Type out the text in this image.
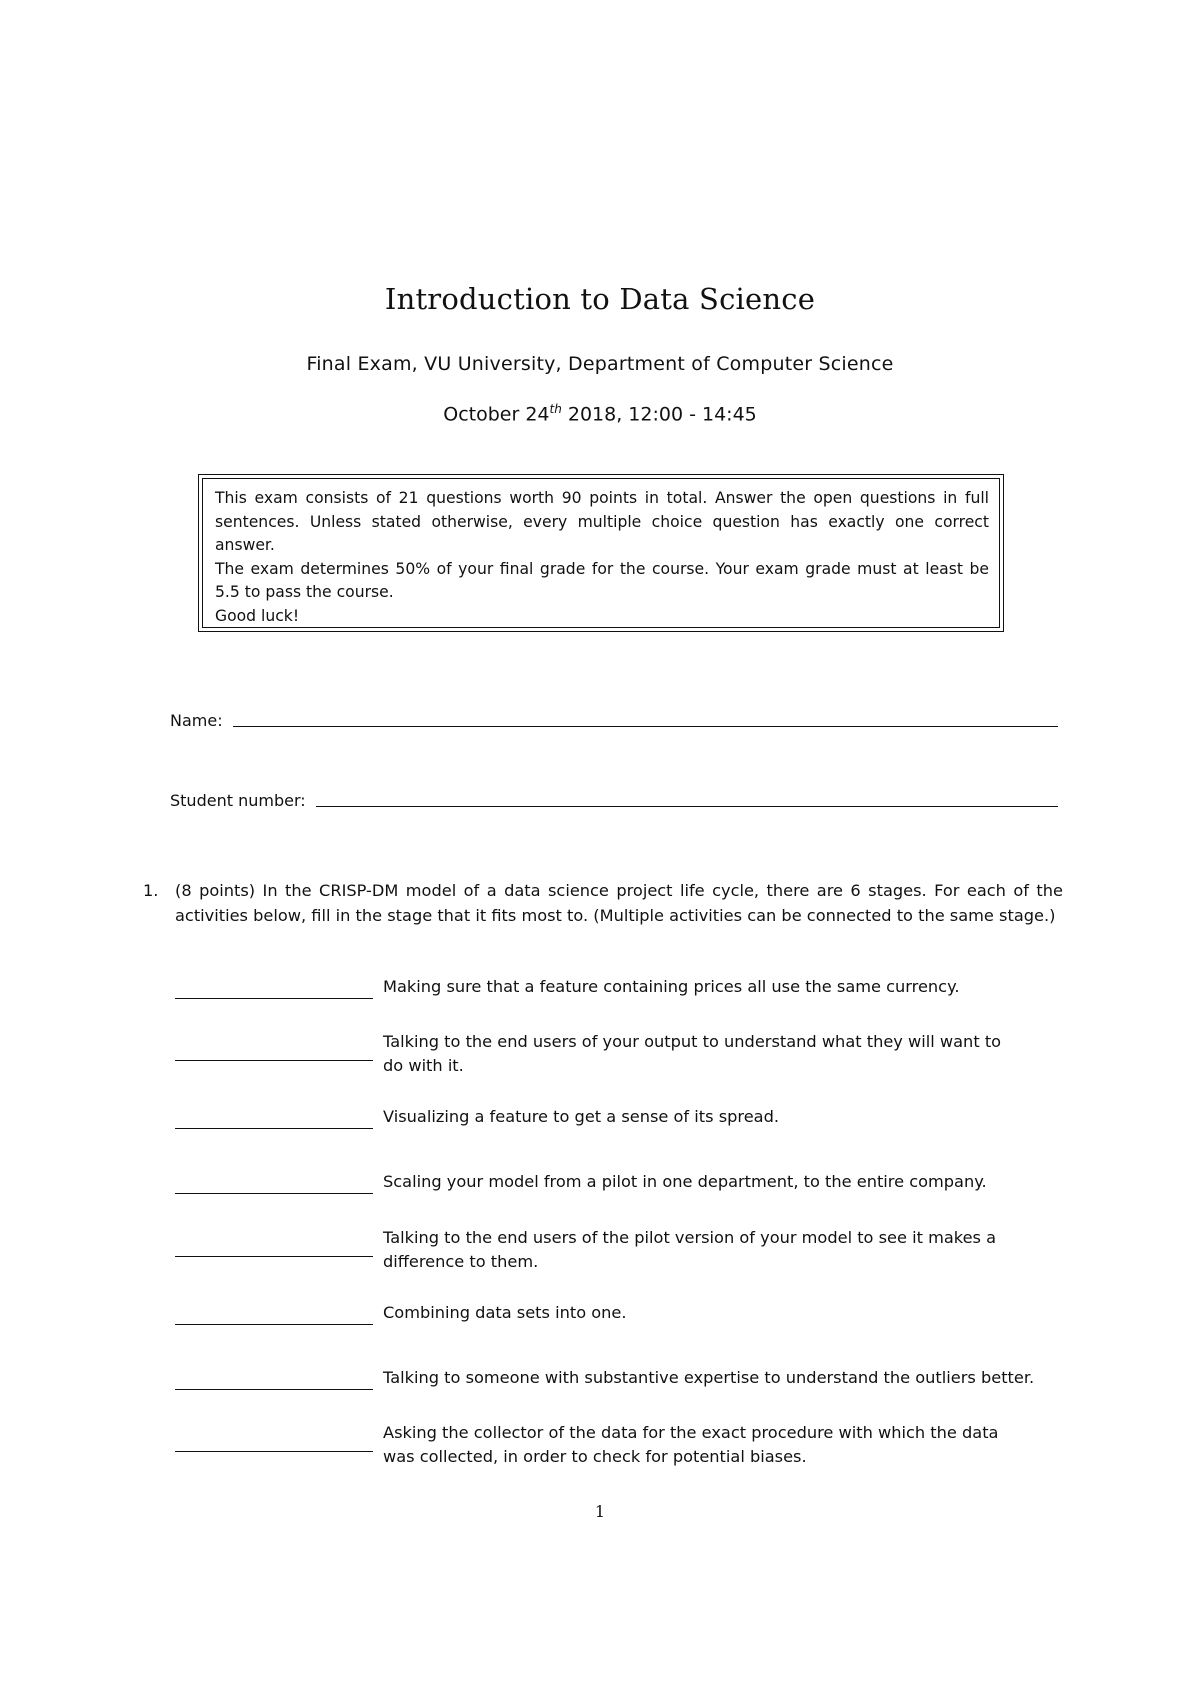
Introduction to Data Science
Final Exam, VU University, Department of Computer Science
October 24th 2018, 12:00 - 14:45

This exam consists of 21 questions worth 90 points in total. Answer the open questions in full sentences. Unless stated otherwise, every multiple choice question has exactly one correct answer.

The exam determines 50% of your final grade for the course. Your exam grade must at least be 5.5 to pass the course.

Good luck!

Name:
Student number:
1. (8 points) In the CRISP-DM model of a data science project life cycle, there are 6 stages. For each of the activities below, fill in the stage that it fits most to. (Multiple activities can be connected to the same stage.)
Making sure that a feature containing prices all use the same currency.
Talking to the end users of your output to understand what they will want to do with it.
Visualizing a feature to get a sense of its spread.
Scaling your model from a pilot in one department, to the entire company.
Talking to the end users of the pilot version of your model to see it makes a difference to them.
Combining data sets into one.
Talking to someone with substantive expertise to understand the outliers better.
Asking the collector of the data for the exact procedure with which the data was collected, in order to check for potential biases.
1
